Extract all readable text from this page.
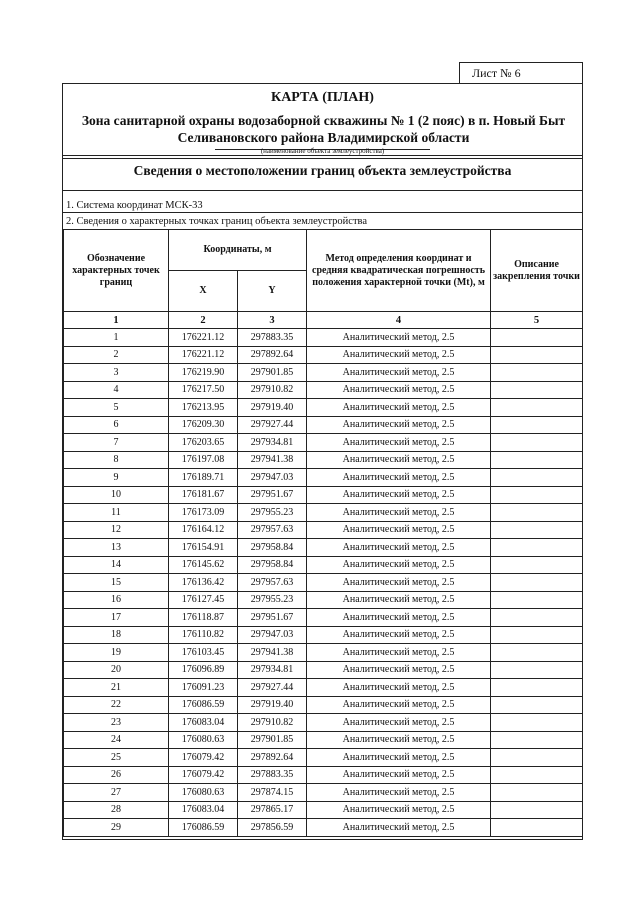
Лист № 6
КАРТА (ПЛАН)
Зона санитарной охраны водозаборной скважины № 1 (2 пояс) в п. Новый Быт Селивановского района Владимирской области
(наименование объекта землеустройства)
Сведения о местоположении границ объекта землеустройства
1. Система координат МСК-33
2. Сведения о характерных точках границ объекта землеустройства
Обозначение характерных точек границ	Координаты, м		Метод определения координат и средняя квадратическая погрешность положения характерной точки (Mt), м	Описание закрепления точки
	X	Y		
1	2	3	4	5
1	176221.12	297883.35	Аналитический метод, 2.5	
2	176221.12	297892.64	Аналитический метод, 2.5	
3	176219.90	297901.85	Аналитический метод, 2.5	
4	176217.50	297910.82	Аналитический метод, 2.5	
5	176213.95	297919.40	Аналитический метод, 2.5	
6	176209.30	297927.44	Аналитический метод, 2.5	
7	176203.65	297934.81	Аналитический метод, 2.5	
8	176197.08	297941.38	Аналитический метод, 2.5	
9	176189.71	297947.03	Аналитический метод, 2.5	
10	176181.67	297951.67	Аналитический метод, 2.5	
11	176173.09	297955.23	Аналитический метод, 2.5	
12	176164.12	297957.63	Аналитический метод, 2.5	
13	176154.91	297958.84	Аналитический метод, 2.5	
14	176145.62	297958.84	Аналитический метод, 2.5	
15	176136.42	297957.63	Аналитический метод, 2.5	
16	176127.45	297955.23	Аналитический метод, 2.5	
17	176118.87	297951.67	Аналитический метод, 2.5	
18	176110.82	297947.03	Аналитический метод, 2.5	
19	176103.45	297941.38	Аналитический метод, 2.5	
20	176096.89	297934.81	Аналитический метод, 2.5	
21	176091.23	297927.44	Аналитический метод, 2.5	
22	176086.59	297919.40	Аналитический метод, 2.5	
23	176083.04	297910.82	Аналитический метод, 2.5	
24	176080.63	297901.85	Аналитический метод, 2.5	
25	176079.42	297892.64	Аналитический метод, 2.5	
26	176079.42	297883.35	Аналитический метод, 2.5	
27	176080.63	297874.15	Аналитический метод, 2.5	
28	176083.04	297865.17	Аналитический метод, 2.5	
29	176086.59	297856.59	Аналитический метод, 2.5	
